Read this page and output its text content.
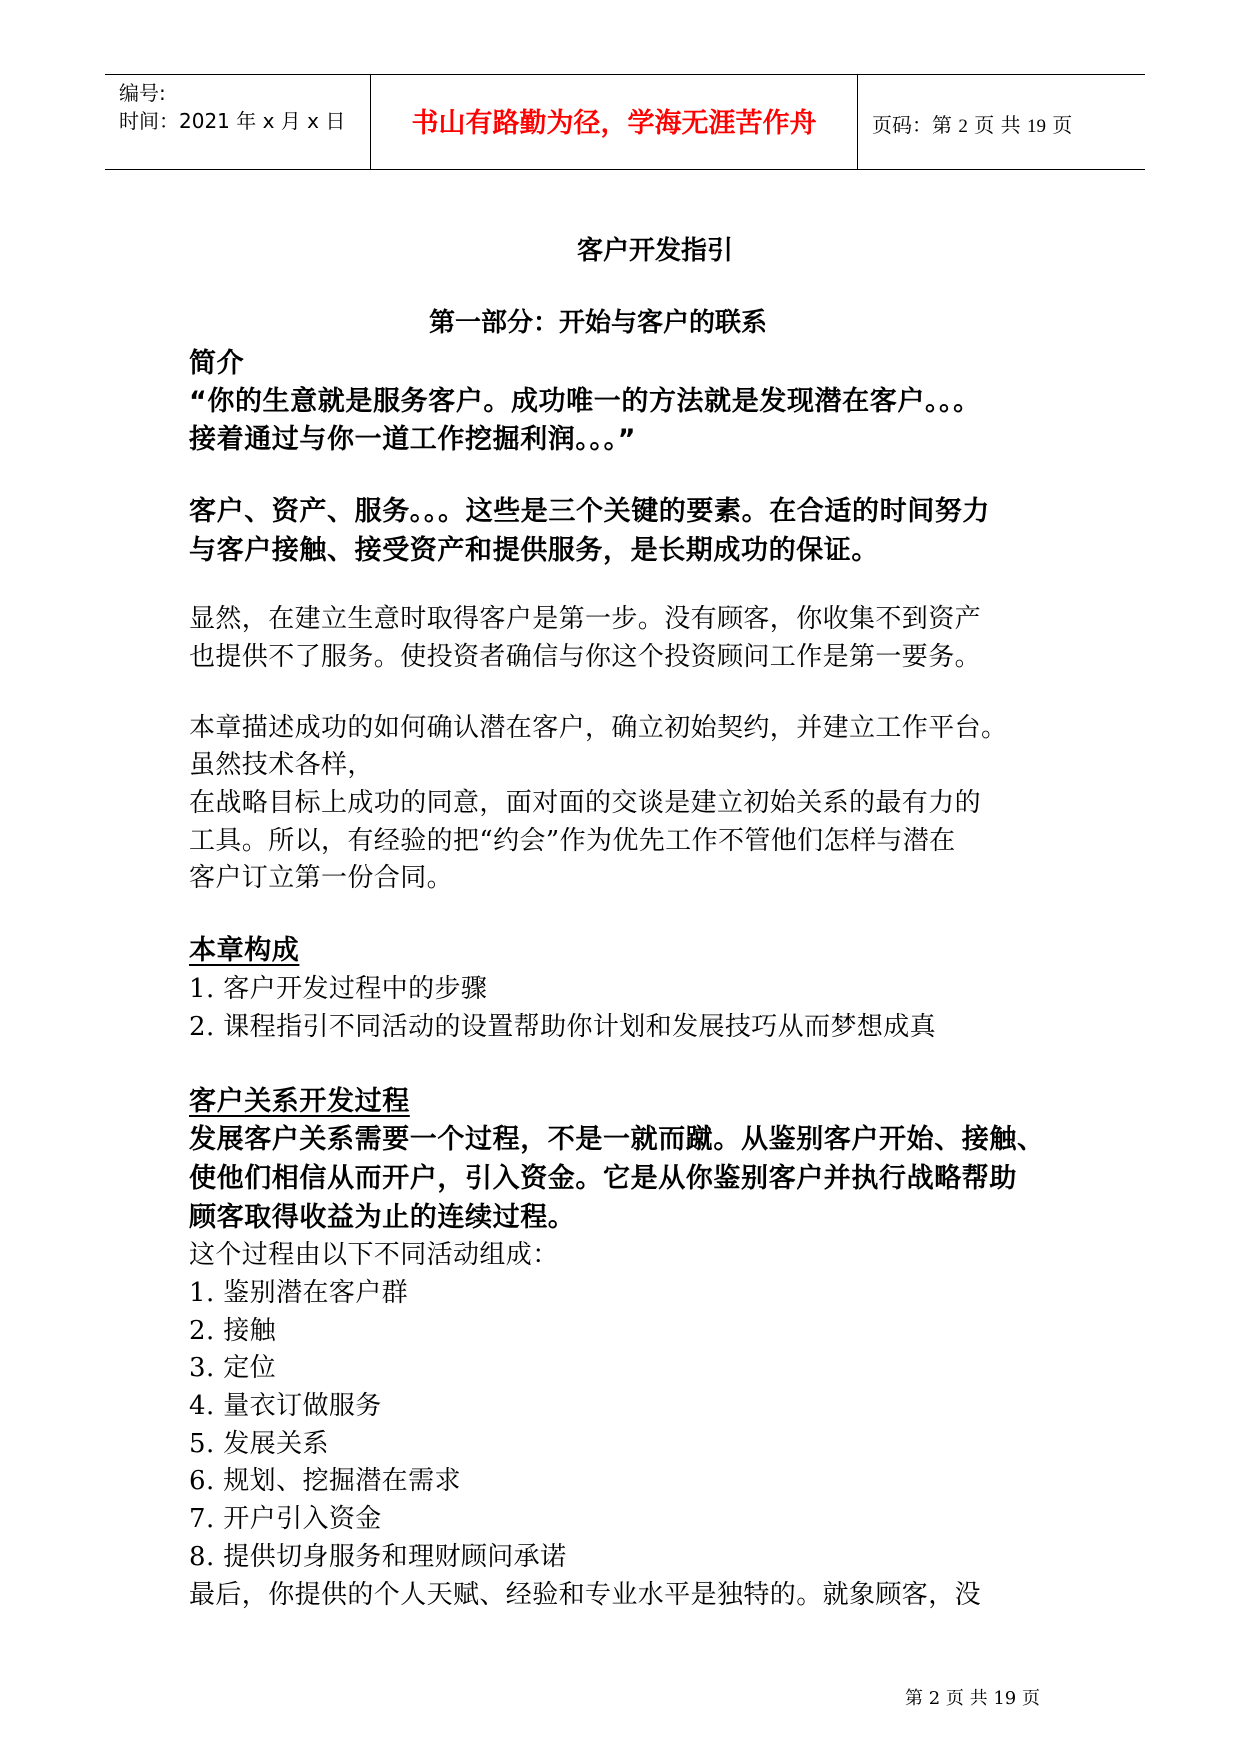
编号:
时间：2021 年 x 月 x 日	书山有路勤为径，学海无涯苦作舟	页码：第 2 页 共 19 页
客户开发指引
第一部分：开始与客户的联系
简介
“你的生意就是服务客户。成功唯一的方法就是发现潜在客户。。。
接着通过与你一道工作挖掘利润。。。”
客户、资产、服务。。。这些是三个关键的要素。在合适的时间努力
与客户接触、接受资产和提供服务，是长期成功的保证。
显然，在建立生意时取得客户是第一步。没有顾客，你收集不到资产
也提供不了服务。使投资者确信与你这个投资顾问工作是第一要务。
本章描述成功的如何确认潜在客户，确立初始契约，并建立工作平台。
虽然技术各样，
在战略目标上成功的同意，面对面的交谈是建立初始关系的最有力的
工具。所以，有经验的把“约会”作为优先工作不管他们怎样与潜在
客户订立第一份合同。
本章构成
1. 客户开发过程中的步骤
2. 课程指引不同活动的设置帮助你计划和发展技巧从而梦想成真
客户关系开发过程
发展客户关系需要一个过程，不是一就而蹴。从鉴别客户开始、接触、
使他们相信从而开户，引入资金。它是从你鉴别客户并执行战略帮助
顾客取得收益为止的连续过程。
这个过程由以下不同活动组成：
1. 鉴别潜在客户群
2. 接触
3. 定位
4. 量衣订做服务
5. 发展关系
6. 规划、挖掘潜在需求
7. 开户引入资金
8. 提供切身服务和理财顾问承诺
最后，你提供的个人天赋、经验和专业水平是独特的。就象顾客，没
第 2 页 共 19 页
